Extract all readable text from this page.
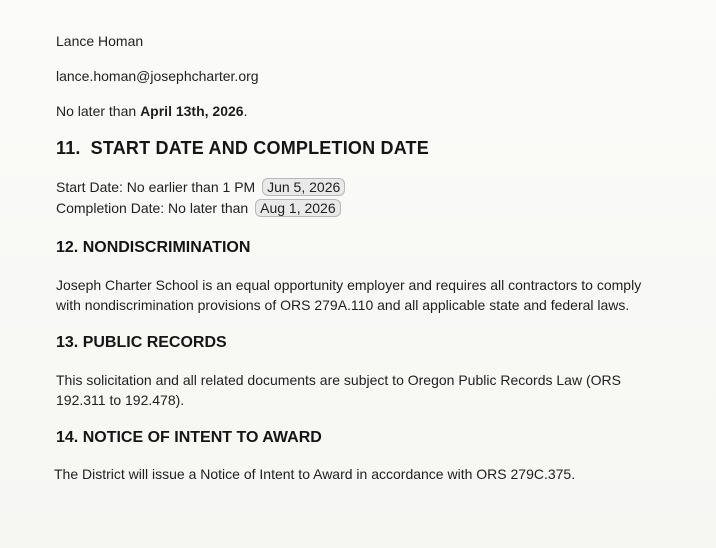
Lance Homan
lance.homan@josephcharter.org
No later than April 13th, 2026.
11. START DATE AND COMPLETION DATE
Start Date: No earlier than 1 PM Jun 5, 2026
Completion Date: No later than Aug 1, 2026
12. NONDISCRIMINATION
Joseph Charter School is an equal opportunity employer and requires all contractors to comply with nondiscrimination provisions of ORS 279A.110 and all applicable state and federal laws.
13. PUBLIC RECORDS
This solicitation and all related documents are subject to Oregon Public Records Law (ORS 192.311 to 192.478).
14. NOTICE OF INTENT TO AWARD
The District will issue a Notice of Intent to Award in accordance with ORS 279C.375.
